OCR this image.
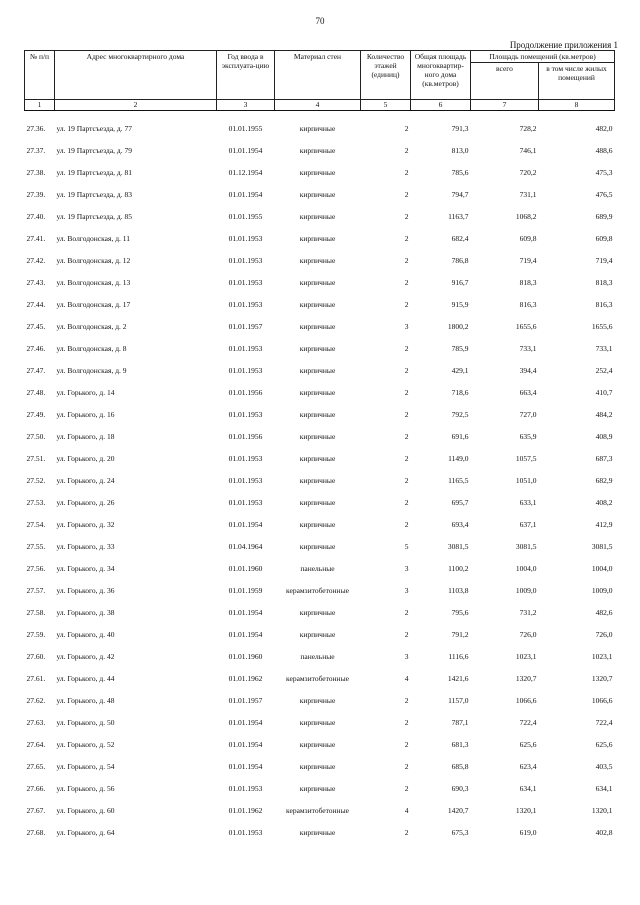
70
Продолжение приложения 1
№ п/п	Адрес многоквартирного дома	Год ввода в эксплуата-цию	Материал стен	Количество этажей (единиц)	Общая площадь многоквартир-ного дома (кв.метров)	Площадь помещений (кв.метров)	
						всего	в том числе жилых помещений
1	2	3	4	5	6	7	8
27.36.	ул. 19 Партсъезда, д. 77	01.01.1955	кирпичные	2	791,3	728,2	482,0
27.37.	ул. 19 Партсъезда, д. 79	01.01.1954	кирпичные	2	813,0	746,1	488,6
27.38.	ул. 19 Партсъезда, д. 81	01.12.1954	кирпичные	2	785,6	720,2	475,3
27.39.	ул. 19 Партсъезда, д. 83	01.01.1954	кирпичные	2	794,7	731,1	476,5
27.40.	ул. 19 Партсъезда, д. 85	01.01.1955	кирпичные	2	1163,7	1068,2	689,9
27.41.	ул. Волгодонская, д. 11	01.01.1953	кирпичные	2	682,4	609,8	609,8
27.42.	ул. Волгодонская, д. 12	01.01.1953	кирпичные	2	786,8	719,4	719,4
27.43.	ул. Волгодонская, д. 13	01.01.1953	кирпичные	2	916,7	818,3	818,3
27.44.	ул. Волгодонская, д. 17	01.01.1953	кирпичные	2	915,9	816,3	816,3
27.45.	ул. Волгодонская, д. 2	01.01.1957	кирпичные	3	1800,2	1655,6	1655,6
27.46.	ул. Волгодонская, д. 8	01.01.1953	кирпичные	2	785,9	733,1	733,1
27.47.	ул. Волгодонская, д. 9	01.01.1953	кирпичные	2	429,1	394,4	252,4
27.48.	ул. Горького, д. 14	01.01.1956	кирпичные	2	718,6	663,4	410,7
27.49.	ул. Горького, д. 16	01.01.1953	кирпичные	2	792,5	727,0	484,2
27.50.	ул. Горького, д. 18	01.01.1956	кирпичные	2	691,6	635,9	408,9
27.51.	ул. Горького, д. 20	01.01.1953	кирпичные	2	1149,0	1057,5	687,3
27.52.	ул. Горького, д. 24	01.01.1953	кирпичные	2	1165,5	1051,0	682,9
27.53.	ул. Горького, д. 26	01.01.1953	кирпичные	2	695,7	633,1	408,2
27.54.	ул. Горького, д. 32	01.01.1954	кирпичные	2	693,4	637,1	412,9
27.55.	ул. Горького, д. 33	01.04.1964	кирпичные	5	3081,5	3081,5	3081,5
27.56.	ул. Горького, д. 34	01.01.1960	панельные	3	1100,2	1004,0	1004,0
27.57.	ул. Горького, д. 36	01.01.1959	керамзитобетонные	3	1103,8	1009,0	1009,0
27.58.	ул. Горького, д. 38	01.01.1954	кирпичные	2	795,6	731,2	482,6
27.59.	ул. Горького, д. 40	01.01.1954	кирпичные	2	791,2	726,0	726,0
27.60.	ул. Горького, д. 42	01.01.1960	панельные	3	1116,6	1023,1	1023,1
27.61.	ул. Горького, д. 44	01.01.1962	керамзитобетонные	4	1421,6	1320,7	1320,7
27.62.	ул. Горького, д. 48	01.01.1957	кирпичные	2	1157,0	1066,6	1066,6
27.63.	ул. Горького, д. 50	01.01.1954	кирпичные	2	787,1	722,4	722,4
27.64.	ул. Горького, д. 52	01.01.1954	кирпичные	2	681,3	625,6	625,6
27.65.	ул. Горького, д. 54	01.01.1954	кирпичные	2	685,8	623,4	403,5
27.66.	ул. Горького, д. 56	01.01.1953	кирпичные	2	690,3	634,1	634,1
27.67.	ул. Горького, д. 60	01.01.1962	керамзитобетонные	4	1420,7	1320,1	1320,1
27.68.	ул. Горького, д. 64	01.01.1953	кирпичные	2	675,3	619,0	402,8
